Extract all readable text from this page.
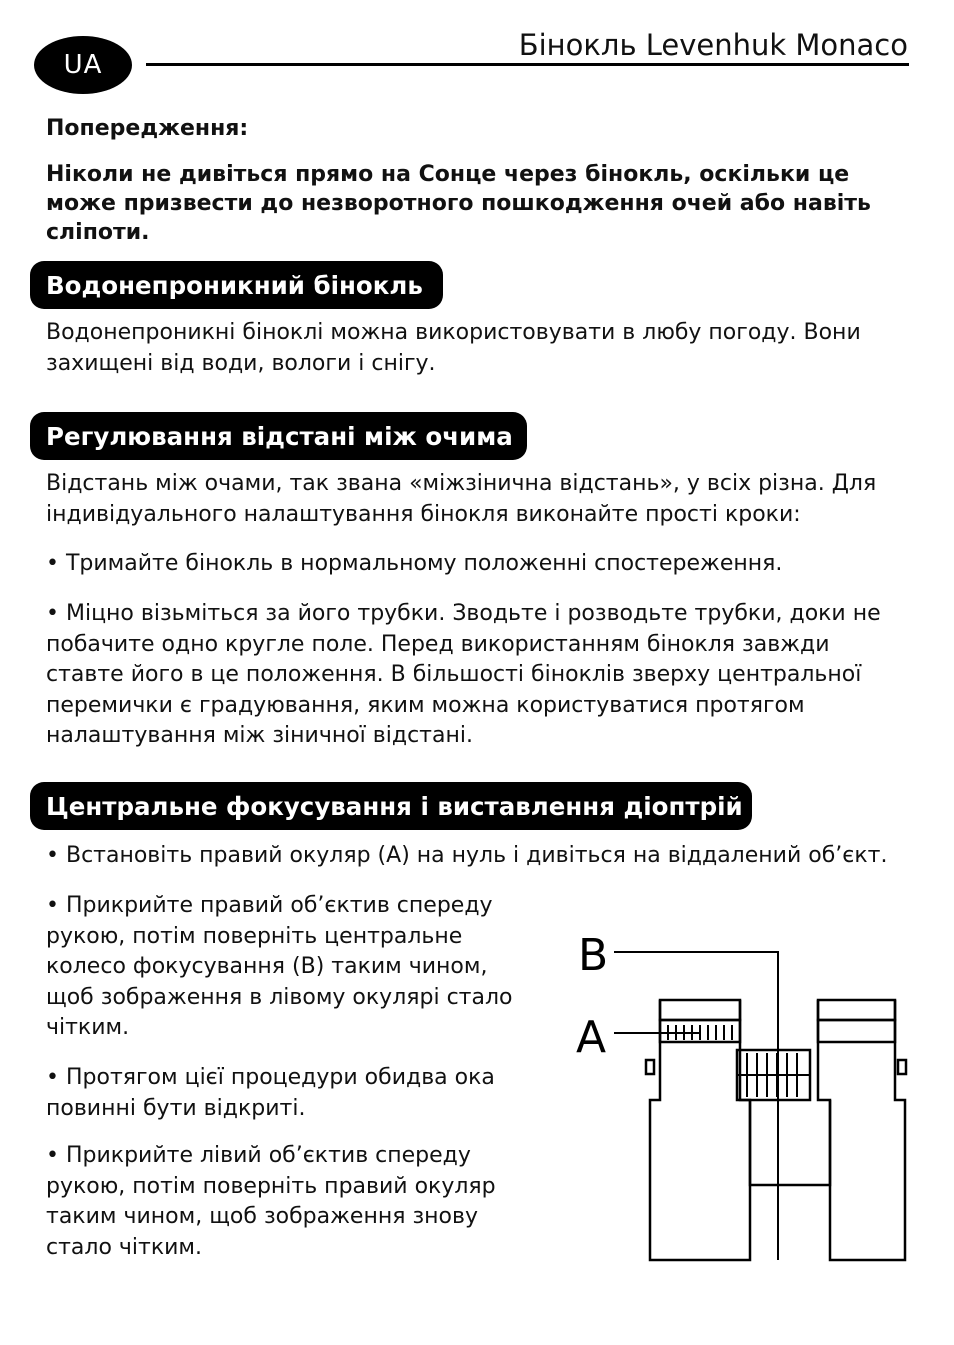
UA
Бінокль Levenhuk Monaco
Попередження:
Ніколи не дивіться прямо на Сонце через бінокль, оскільки це може призвести до незворотного пошкодження очей або навіть сліпоти.
Водонепроникний бінокль
Водонепроникні біноклі можна використовувати в любу погоду. Вони захищені від води, вологи і снігу.
Регулювання відстані між очима
Відстань між очами, так звана «міжзінична відстань», у всіх різна. Для індивідуального налаштування бінокля виконайте прості кроки:
• Тримайте бінокль в нормальному положенні спостереження.
• Міцно візьміться за його трубки. Зводьте і розводьте трубки, доки не побачите одно кругле поле. Перед використанням бінокля завжди ставте його в це положення. В більшості біноклів зверху центральної перемички є градуювання, яким можна користуватися протягом налаштування між зіничної відстані.
Центральне фокусування і виставлення діоптрій
• Встановіть правий окуляр (A) на нуль і дивіться на віддалений об’єкт.
• Прикрийте правий об’єктив спереду рукою, потім поверніть центральне колесо фокусування (B) таким чином, щоб зображення в лівому окулярі стало чітким.
• Протягом цієї процедури обидва ока повинні бути відкриті.
• Прикрийте лівий об’єктив спереду рукою, потім поверніть правий окуляр таким чином, щоб зображення знову стало чітким.
B
A
